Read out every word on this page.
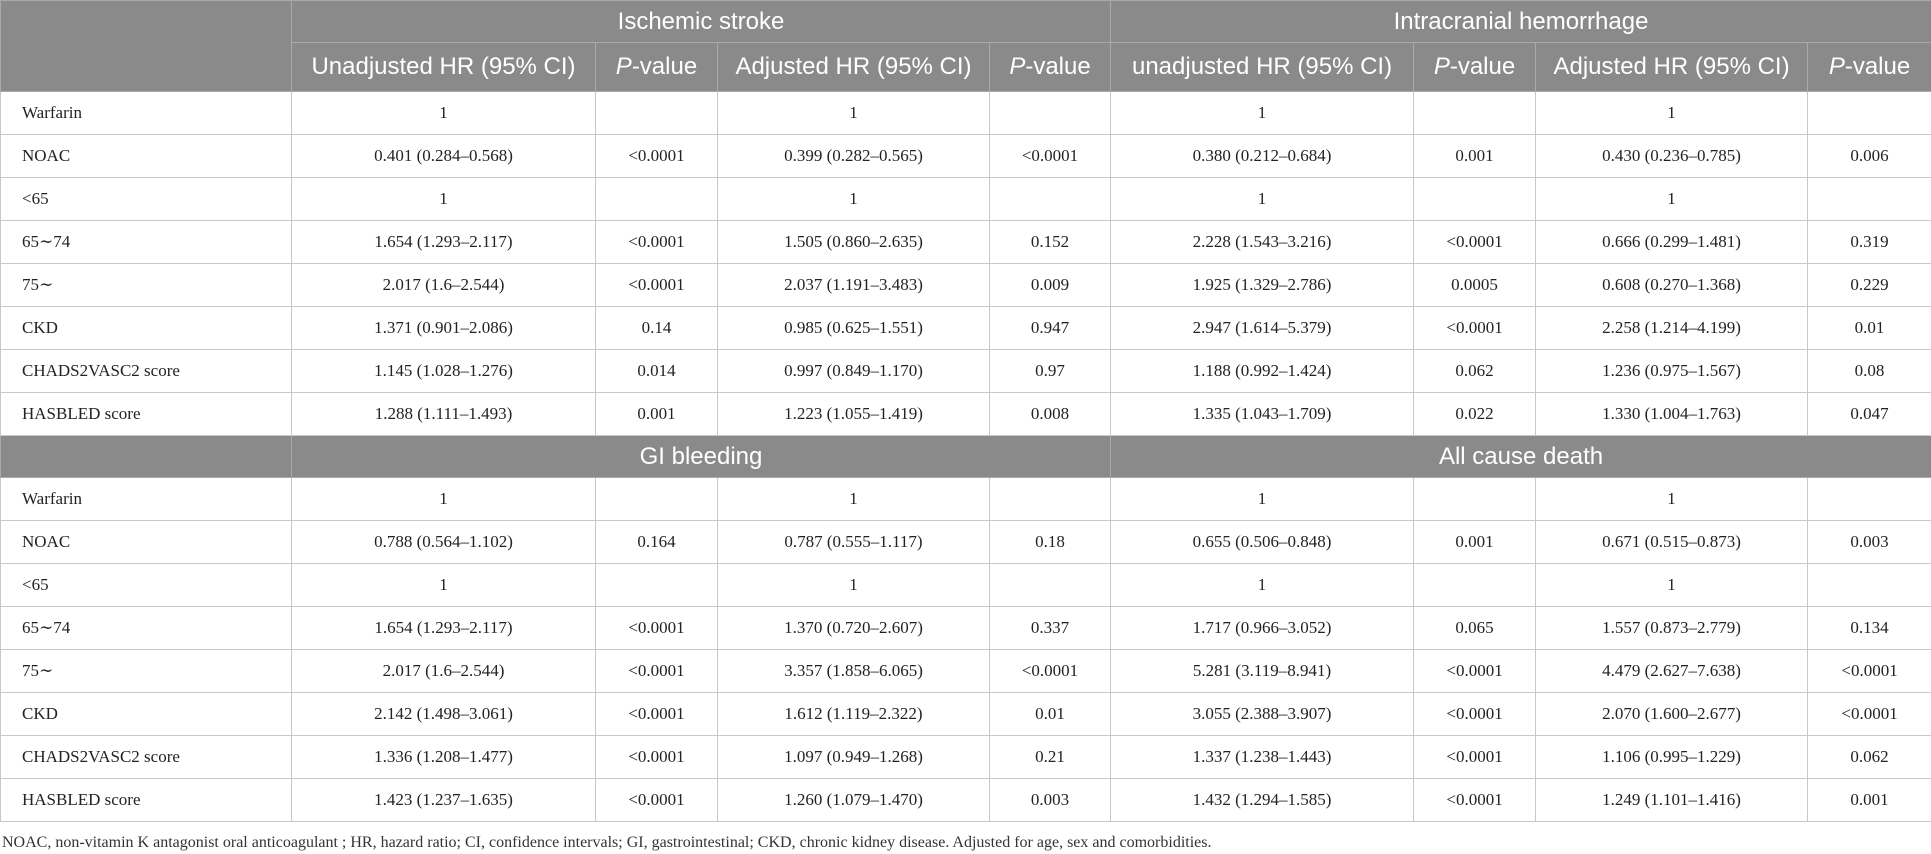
	Ischemic stroke				Intracranial hemorrhage			
	Unadjusted HR (95% CI)	P-value	Adjusted HR (95% CI)	P-value	unadjusted HR (95% CI)	P-value	Adjusted HR (95% CI)	P-value
Warfarin	1		1		1		1	
NOAC	0.401 (0.284–0.568)	<0.0001	0.399 (0.282–0.565)	<0.0001	0.380 (0.212–0.684)	0.001	0.430 (0.236–0.785)	0.006
<65	1		1		1		1	
65∼74	1.654 (1.293–2.117)	<0.0001	1.505 (0.860–2.635)	0.152	2.228 (1.543–3.216)	<0.0001	0.666 (0.299–1.481)	0.319
75∼	2.017 (1.6–2.544)	<0.0001	2.037 (1.191–3.483)	0.009	1.925 (1.329–2.786)	0.0005	0.608 (0.270–1.368)	0.229
CKD	1.371 (0.901–2.086)	0.14	0.985 (0.625–1.551)	0.947	2.947 (1.614–5.379)	<0.0001	2.258 (1.214–4.199)	0.01
CHADS2VASC2 score	1.145 (1.028–1.276)	0.014	0.997 (0.849–1.170)	0.97	1.188 (0.992–1.424)	0.062	1.236 (0.975–1.567)	0.08
HASBLED score	1.288 (1.111–1.493)	0.001	1.223 (1.055–1.419)	0.008	1.335 (1.043–1.709)	0.022	1.330 (1.004–1.763)	0.047
	GI bleeding				All cause death			
Warfarin	1		1		1		1	
NOAC	0.788 (0.564–1.102)	0.164	0.787 (0.555–1.117)	0.18	0.655 (0.506–0.848)	0.001	0.671 (0.515–0.873)	0.003
<65	1		1		1		1	
65∼74	1.654 (1.293–2.117)	<0.0001	1.370 (0.720–2.607)	0.337	1.717 (0.966–3.052)	0.065	1.557 (0.873–2.779)	0.134
75∼	2.017 (1.6–2.544)	<0.0001	3.357 (1.858–6.065)	<0.0001	5.281 (3.119–8.941)	<0.0001	4.479 (2.627–7.638)	<0.0001
CKD	2.142 (1.498–3.061)	<0.0001	1.612 (1.119–2.322)	0.01	3.055 (2.388–3.907)	<0.0001	2.070 (1.600–2.677)	<0.0001
CHADS2VASC2 score	1.336 (1.208–1.477)	<0.0001	1.097 (0.949–1.268)	0.21	1.337 (1.238–1.443)	<0.0001	1.106 (0.995–1.229)	0.062
HASBLED score	1.423 (1.237–1.635)	<0.0001	1.260 (1.079–1.470)	0.003	1.432 (1.294–1.585)	<0.0001	1.249 (1.101–1.416)	0.001
NOAC, non-vitamin K antagonist oral anticoagulant ; HR, hazard ratio; CI, confidence intervals; GI, gastrointestinal; CKD, chronic kidney disease. Adjusted for age, sex and comorbidities.
